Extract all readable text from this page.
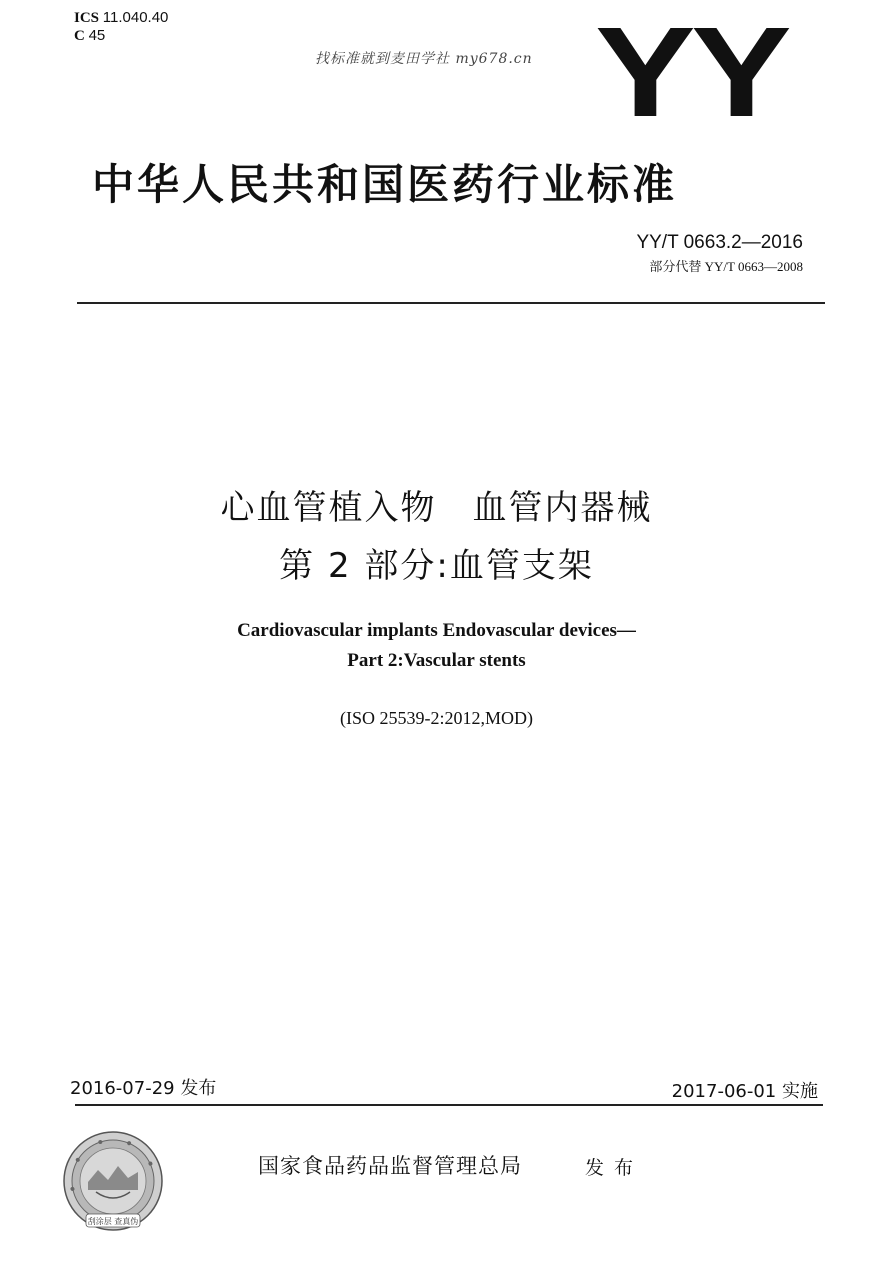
ICS 11.040.40
C 45
找标准就到麦田学社 my678.cn YY
中华人民共和国医药行业标准
YY/T 0663.2—2016
部分代替 YY/T 0663—2008
心血管植入物　血管内器械
第 2 部分:血管支架
Cardiovascular implants Endovascular devices—
Part 2:Vascular stents
(ISO 25539-2:2012,MOD)
2016-07-29 发布	2017-06-01 实施
刮涂层 查真伪
国家食品药品监督管理总局	发布
